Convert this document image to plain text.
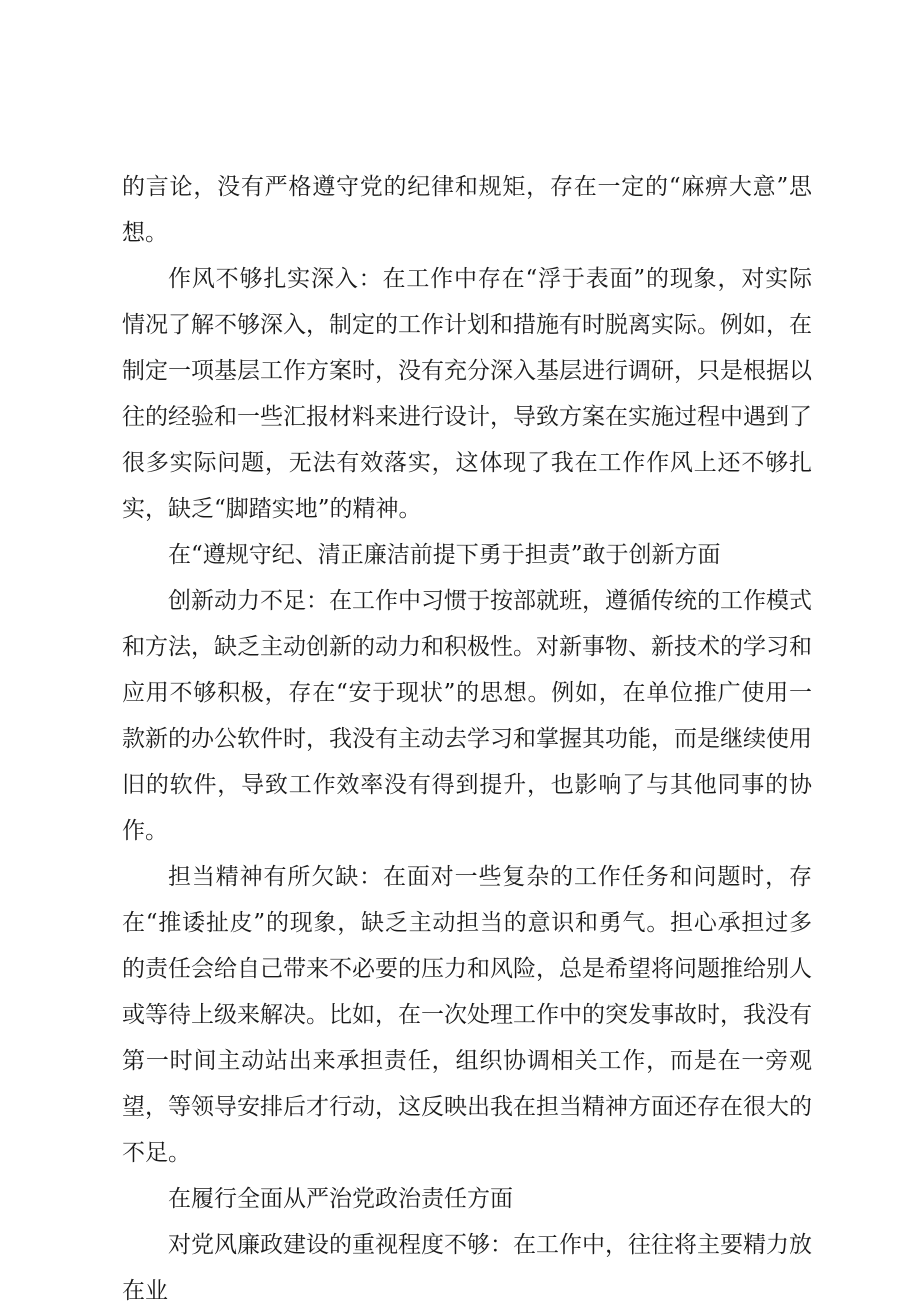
的言论，没有严格遵守党的纪律和规矩，存在一定的“麻痹大意”思想。

作风不够扎实深入：在工作中存在“浮于表面”的现象，对实际情况了解不够深入，制定的工作计划和措施有时脱离实际。例如，在制定一项基层工作方案时，没有充分深入基层进行调研，只是根据以往的经验和一些汇报材料来进行设计，导致方案在实施过程中遇到了很多实际问题，无法有效落实，这体现了我在工作作风上还不够扎实，缺乏“脚踏实地”的精神。

在“遵规守纪、清正廉洁前提下勇于担责”敢于创新方面

创新动力不足：在工作中习惯于按部就班，遵循传统的工作模式和方法，缺乏主动创新的动力和积极性。对新事物、新技术的学习和应用不够积极，存在“安于现状”的思想。例如，在单位推广使用一款新的办公软件时，我没有主动去学习和掌握其功能，而是继续使用旧的软件，导致工作效率没有得到提升，也影响了与其他同事的协作。

担当精神有所欠缺：在面对一些复杂的工作任务和问题时，存在“推诿扯皮”的现象，缺乏主动担当的意识和勇气。担心承担过多的责任会给自己带来不必要的压力和风险，总是希望将问题推给别人或等待上级来解决。比如，在一次处理工作中的突发事故时，我没有第一时间主动站出来承担责任，组织协调相关工作，而是在一旁观望，等领导安排后才行动，这反映出我在担当精神方面还存在很大的不足。

在履行全面从严治党政治责任方面

对党风廉政建设的重视程度不够：在工作中，往往将主要精力放在业
